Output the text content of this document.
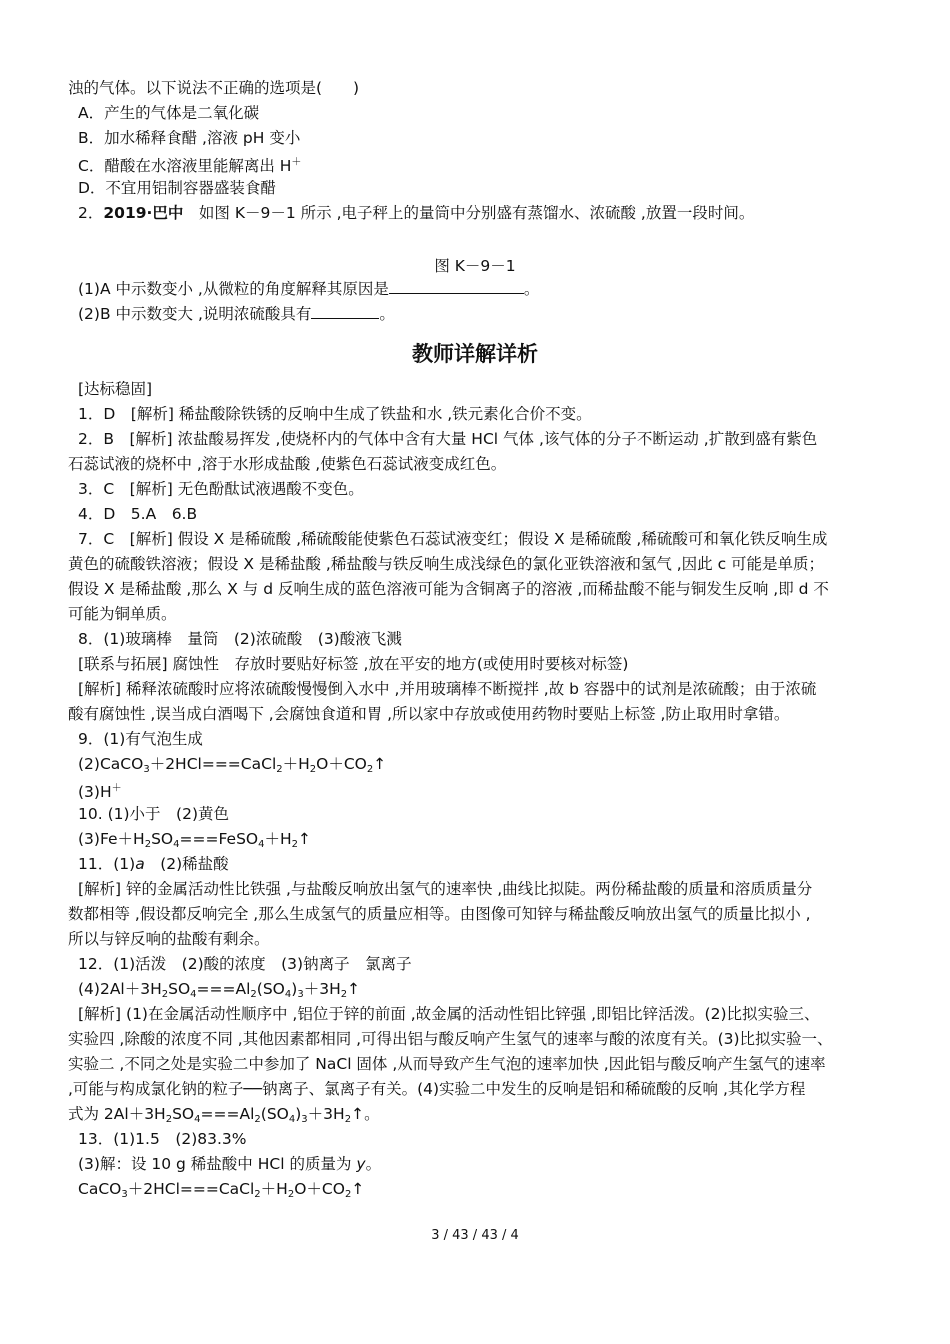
浊的气体。以下说法不正确的选项是(　　)
A．产生的气体是二氧化碳
B．加水稀释食醋 ,溶液 pH 变小
C．醋酸在水溶液里能解离出 H＋
D．不宜用铝制容器盛装食醋
2．2019·巴中　如图 K－9－1 所示 ,电子秤上的量筒中分别盛有蒸馏水、浓硫酸 ,放置一段时间。
图 K－9－1
(1)A 中示数变小 ,从微粒的角度解释其原因是	。
(2)B 中示数变大 ,说明浓硫酸具有	。
教师详解详析
[达标稳固]
1．D　[解析] 稀盐酸除铁锈的反响中生成了铁盐和水 ,铁元素化合价不变。
2．B　[解析] 浓盐酸易挥发 ,使烧杯内的气体中含有大量 HCl 气体 ,该气体的分子不断运动 ,扩散到盛有紫色
石蕊试液的烧杯中 ,溶于水形成盐酸 ,使紫色石蕊试液变成红色。
3．C　[解析] 无色酚酞试液遇酸不变色。
4．D　5.A　6.B
7．C　[解析] 假设 X 是稀硫酸 ,稀硫酸能使紫色石蕊试液变红；假设 X 是稀硫酸 ,稀硫酸可和氧化铁反响生成
黄色的硫酸铁溶液；假设 X 是稀盐酸 ,稀盐酸与铁反响生成浅绿色的氯化亚铁溶液和氢气 ,因此 c 可能是单质；
假设 X 是稀盐酸 ,那么 X 与 d 反响生成的蓝色溶液可能为含铜离子的溶液 ,而稀盐酸不能与铜发生反响 ,即 d 不
可能为铜单质。
8．(1)玻璃棒　量筒　(2)浓硫酸　(3)酸液飞溅
[联系与拓展] 腐蚀性　存放时要贴好标签 ,放在平安的地方(或使用时要核对标签)
[解析] 稀释浓硫酸时应将浓硫酸慢慢倒入水中 ,并用玻璃棒不断搅拌 ,故 b 容器中的试剂是浓硫酸；由于浓硫
酸有腐蚀性 ,误当成白酒喝下 ,会腐蚀食道和胃 ,所以家中存放或使用药物时要贴上标签 ,防止取用时拿错。
9．(1)有气泡生成
$(2)CaCO_3+2HCl===CaCl_2+H_2O+CO_2↑$
(3)H＋
10. (1)小于　(2)黄色
$(3)Fe+H_2SO_4===FeSO_4+H_2↑$
11．(1)a　(2)稀盐酸
[解析] 锌的金属活动性比铁强 ,与盐酸反响放出氢气的速率快 ,曲线比拟陡。两份稀盐酸的质量和溶质质量分
数都相等 ,假设都反响完全 ,那么生成氢气的质量应相等。由图像可知锌与稀盐酸反响放出氢气的质量比拟小 ,
所以与锌反响的盐酸有剩余。
12．(1)活泼　(2)酸的浓度　(3)钠离子　氯离子
$(4)2Al+3H_2SO_4===Al_2(SO_4)_3+3H_2↑$
[解析] (1)在金属活动性顺序中 ,铝位于锌的前面 ,故金属的活动性铝比锌强 ,即铝比锌活泼。(2)比拟实验三、
实验四 ,除酸的浓度不同 ,其他因素都相同 ,可得出铝与酸反响产生氢气的速率与酸的浓度有关。(3)比拟实验一、
实验二 ,不同之处是实验二中参加了 NaCl 固体 ,从而导致产生气泡的速率加快 ,因此铝与酸反响产生氢气的速率
,可能与构成氯化钠的粒子──钠离子、氯离子有关。(4)实验二中发生的反响是铝和稀硫酸的反响 ,其化学方程
式为 $2Al+3H_2SO_4===Al_2(SO_4)_3+3H_2↑$。
13．(1)1.5　(2)83.3%
(3)解：设 10 g 稀盐酸中 HCl 的质量为 y。
$CaCO_3+2HCl===CaCl_2+H_2O+CO_2↑$
3 / 43 / 43 / 4
